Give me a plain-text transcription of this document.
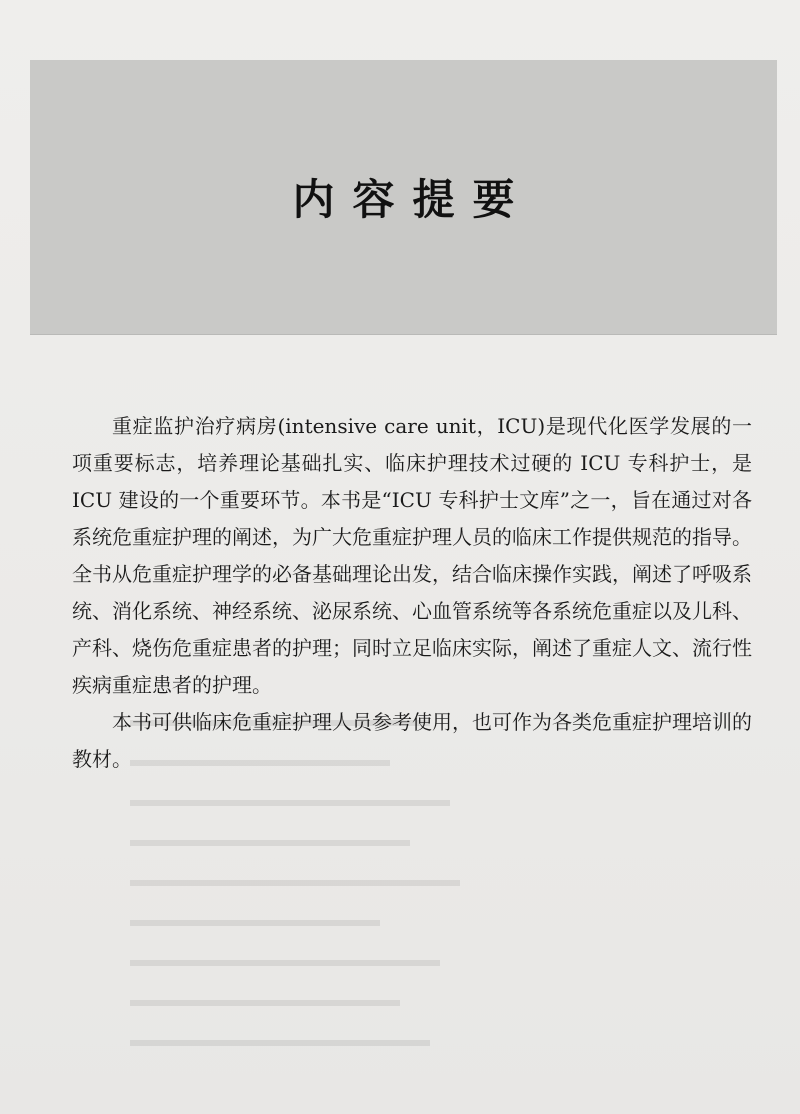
内容提要

重症监护治疗病房(intensive care unit，ICU)是现代化医学发展的一项重要标志，培养理论基础扎实、临床护理技术过硬的 ICU 专科护士，是 ICU 建设的一个重要环节。本书是“ICU 专科护士文库”之一，旨在通过对各系统危重症护理的阐述，为广大危重症护理人员的临床工作提供规范的指导。全书从危重症护理学的必备基础理论出发，结合临床操作实践，阐述了呼吸系统、消化系统、神经系统、泌尿系统、心血管系统等各系统危重症以及儿科、产科、烧伤危重症患者的护理；同时立足临床实际，阐述了重症人文、流行性疾病重症患者的护理。

本书可供临床危重症护理人员参考使用，也可作为各类危重症护理培训的教材。
